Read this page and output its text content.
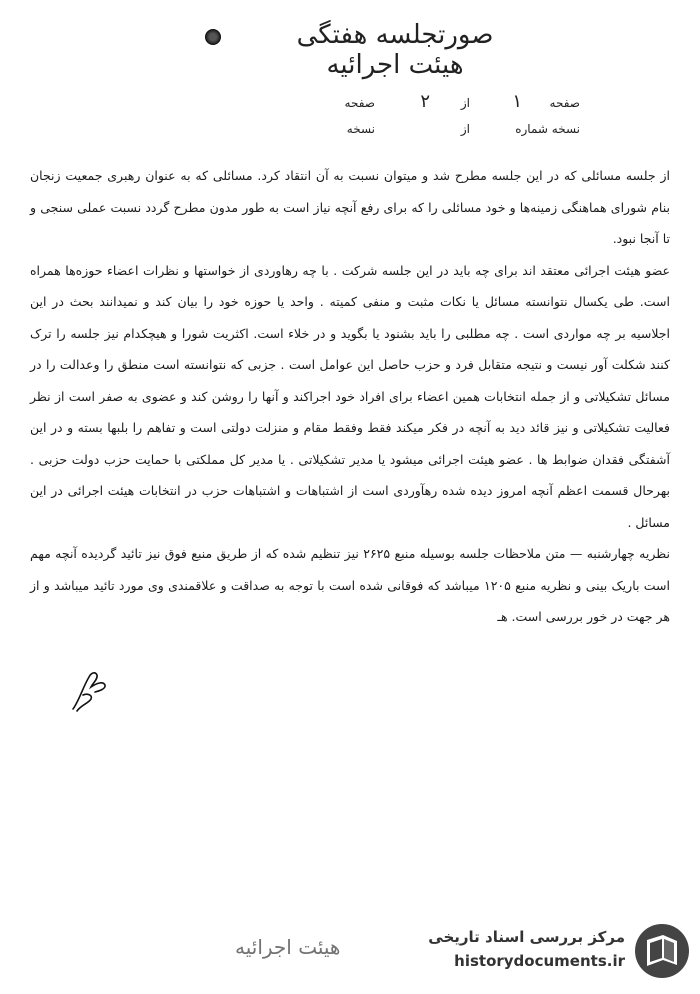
صورتجلسه هفتگی هیئت اجرائیه
صفحه
۱
از
۲
صفحه
نسخه شماره
از
نسخه

از جلسه مسائلی که در این جلسه مطرح شد و میتوان نسبت به آن انتقاد کرد. مسائلی که به عنوان رهبری جمعیت زنجان بنام شورای هماهنگی زمینه‌ها و خود مسائلی را که برای رفع آنچه نیاز است به طور مدون مطرح گردد نسبت عملی سنجی و تا آنجا نبود.

عضو هیئت اجرائی معتقد اند برای چه باید در این جلسه شرکت . با چه رهاوردی از خواستها و نظرات اعضاء حوزه‌ها همراه است. طی یکسال نتوانسته مسائل یا نکات مثبت و منفی کمیته . واحد یا حوزه خود را بیان کند و نمیدانند بحث در این اجلاسیه بر چه مواردی است . چه مطلبی را باید بشنود یا بگوید و در خلاء است. اکثریت شورا و هیچکدام نیز جلسه را ترک کنند شکلت آور نیست و نتیجه متقابل فرد و حزب حاصل این عوامل است . جزبی که نتوانسته است منطق را وعدالت را در مسائل تشکیلاتی و از جمله انتخابات همین اعضاء برای افراد خود اجراکند و آنها را روشن کند و عضوی به صفر است از نظر فعالیت تشکیلاتی و نیز قائد دید به آنچه در فکر میکند فقط وفقط مقام و منزلت دولتی است و تفاهم را بلبها بسته و در این آشفتگی فقدان ضوابط ها . عضو هیئت اجرائی میشود یا مدیر تشکیلاتی . یا مدیر کل مملکتی با حمایت حزب دولت حزبی . بهرحال قسمت اعظم آنچه امروز دیده شده رهآوردی است از اشتباهات و اشتباهات حزب در انتخابات هیئت اجرائی در این مسائل .

نظریه چهارشنبه — متن ملاحظات جلسه بوسیله منبع ۲۶۲۵ نیز تنظیم شده که از طریق منبع فوق نیز تائید گردیده آنچه مهم است باریک بینی و نظریه منبع ۱۲۰۵ میباشد که فوقانی شده است با توجه به صداقت و علاقمندی وی مورد تائید میباشد و از هر جهت در خور بررسی است. هـ

هیئت اجرائیه	مرکز بررسی اسناد تاریخی
historydocuments.ir
